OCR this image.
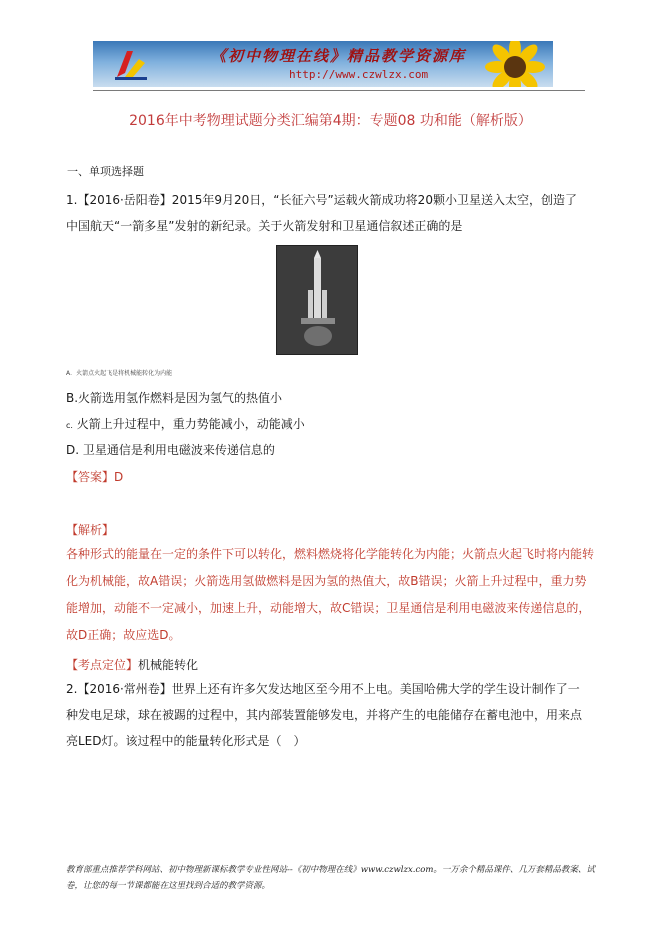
《初中物理在线》精品教学资源库
http://www.czwlzx.com
2016年中考物理试题分类汇编第4期：专题08 功和能（解析版）
一、单项选择题
1.【2016·岳阳卷】2015年9月20日，“长征六号”运载火箭成功将20颗小卫星送入太空，创造了中国航天“一箭多星”发射的新纪录。关于火箭发射和卫星通信叙述正确的是
A．火箭点火起飞是将机械能转化为内能
B.火箭选用氢作燃料是因为氢气的热值小
c. 火箭上升过程中，重力势能减小，动能减小
D. 卫星通信是利用电磁波来传递信息的
【答案】D
【解析】
各种形式的能量在一定的条件下可以转化，燃料燃烧将化学能转化为内能；火箭点火起飞时将内能转化为机械能，故A错误；火箭选用氢做燃料是因为氢的热值大，故B错误；火箭上升过程中，重力势能增加，动能不一定减小，加速上升，动能增大，故C错误；卫星通信是利用电磁波来传递信息的，故D正确；故应选D。
【考点定位】机械能转化
2.【2016·常州卷】世界上还有许多欠发达地区至今用不上电。美国哈佛大学的学生设计制作了一种发电足球，球在被踢的过程中，其内部装置能够发电，并将产生的电能储存在蓄电池中，用来点亮LED灯。该过程中的能量转化形式是（　）
教育部重点推荐学科网站、初中物理新课标教学专业性网站--《初中物理在线》www.czwlzx.com。一万余个精品课件、几万套精品教案、试卷，让您的每一节课都能在这里找到合适的教学资源。
